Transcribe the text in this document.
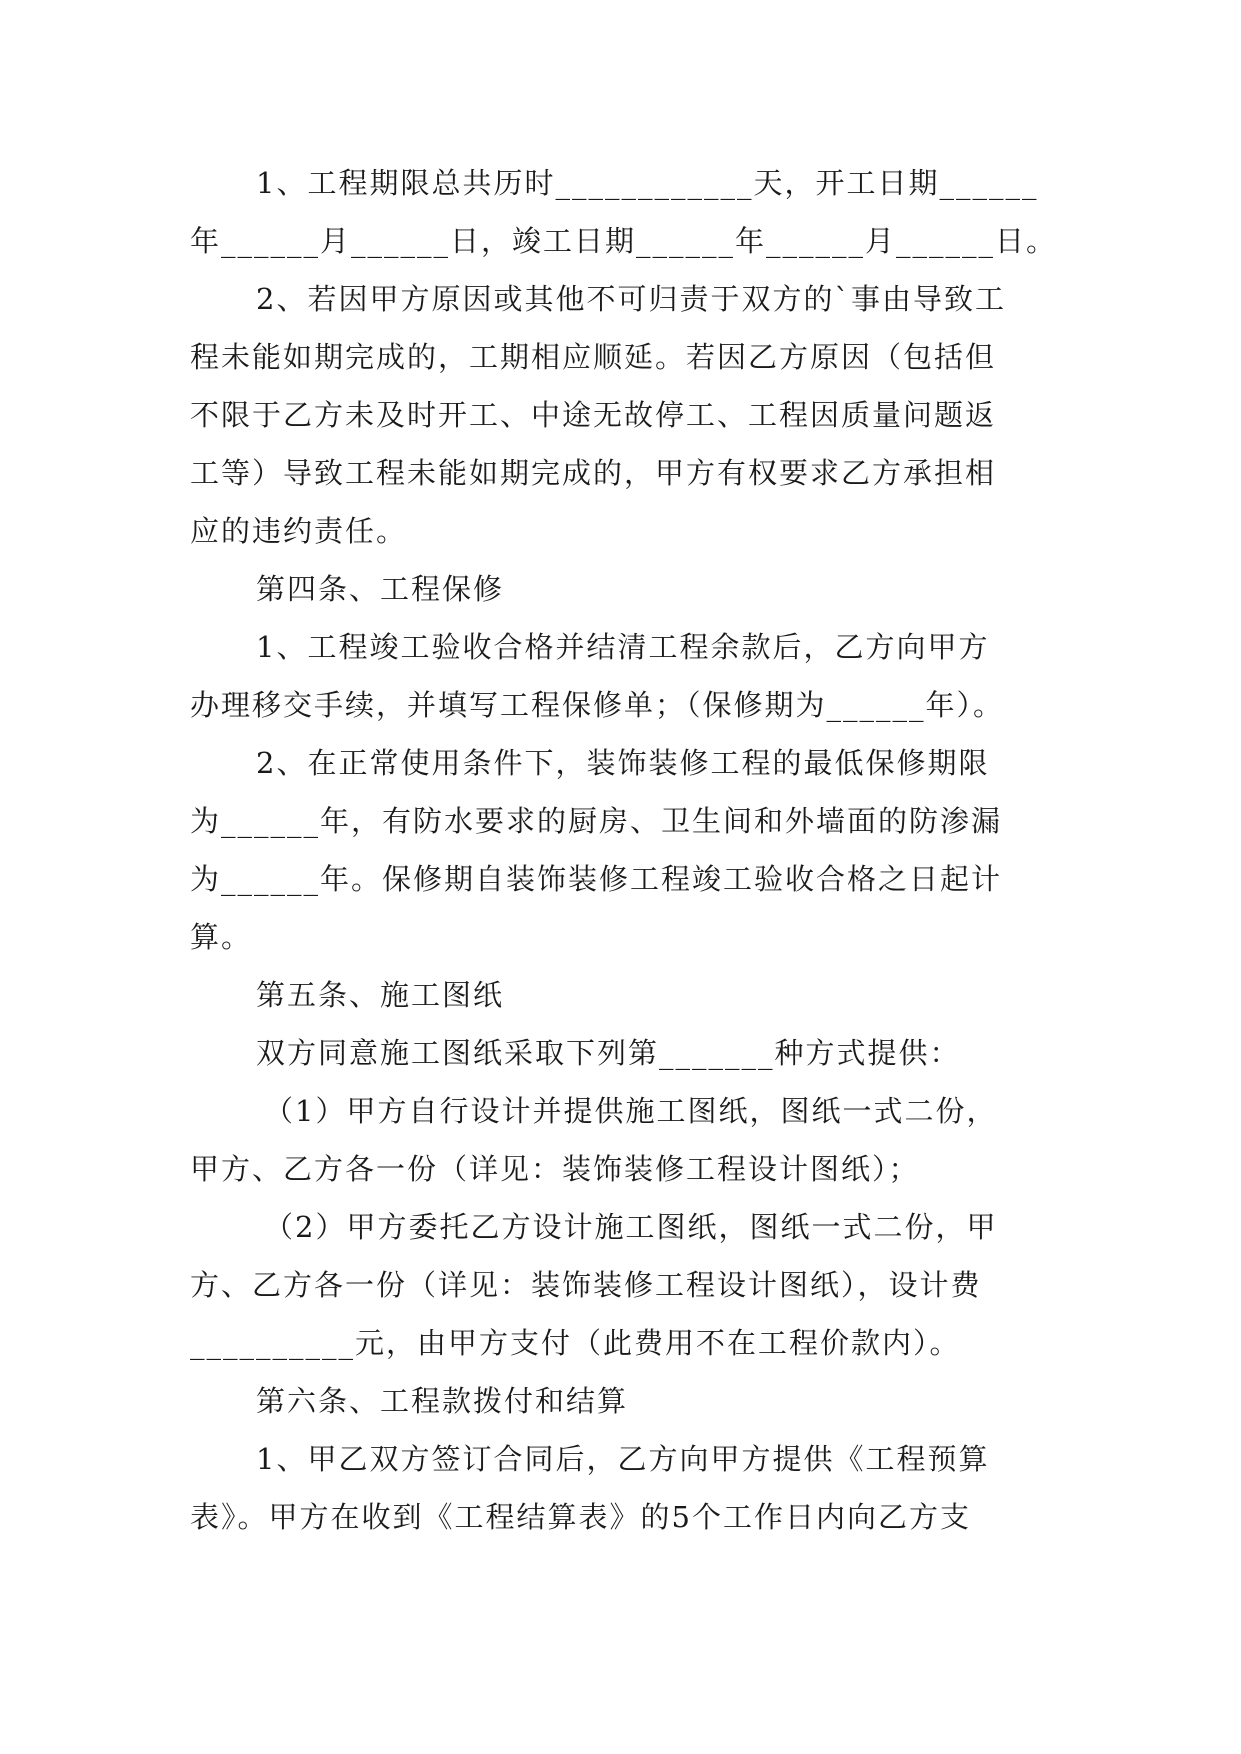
1、工程期限总共历时____________天，开工日期______
年______月______日，竣工日期______年______月______日。
2、若因甲方原因或其他不可归责于双方的`事由导致工
程未能如期完成的，工期相应顺延。若因乙方原因（包括但
不限于乙方未及时开工、中途无故停工、工程因质量问题返
工等）导致工程未能如期完成的，甲方有权要求乙方承担相
应的违约责任。
第四条、工程保修
1、工程竣工验收合格并结清工程余款后，乙方向甲方
办理移交手续，并填写工程保修单；（保修期为______年）。
2、在正常使用条件下，装饰装修工程的最低保修期限
为______年，有防水要求的厨房、卫生间和外墙面的防渗漏
为______年。保修期自装饰装修工程竣工验收合格之日起计
算。
第五条、施工图纸
双方同意施工图纸采取下列第_______种方式提供：
（1）甲方自行设计并提供施工图纸，图纸一式二份，
甲方、乙方各一份（详见：装饰装修工程设计图纸）；
（2）甲方委托乙方设计施工图纸，图纸一式二份，甲
方、乙方各一份（详见：装饰装修工程设计图纸），设计费
__________元，由甲方支付（此费用不在工程价款内）。
第六条、工程款拨付和结算
1、甲乙双方签订合同后，乙方向甲方提供《工程预算
表》。甲方在收到《工程结算表》的5个工作日内向乙方支
